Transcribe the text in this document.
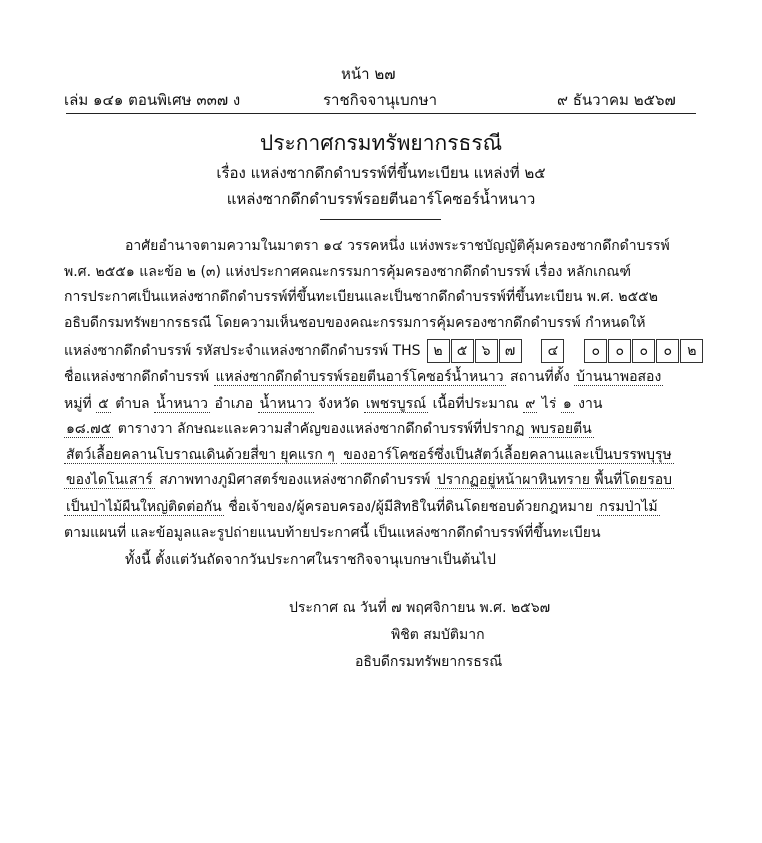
หน้า ๒๗
เล่ม ๑๔๑ ตอนพิเศษ ๓๓๗ ง	ราชกิจจานุเบกษา	๙ ธันวาคม ๒๕๖๗
ประกาศกรมทรัพยากรธรณี
เรื่อง แหล่งซากดึกดำบรรพ์ที่ขึ้นทะเบียน แหล่งที่ ๒๕
แหล่งซากดึกดำบรรพ์รอยตีนอาร์โคซอร์น้ำหนาว
อาศัยอำนาจตามความในมาตรา ๑๔ วรรคหนึ่ง แห่งพระราชบัญญัติคุ้มครองซากดึกดำบรรพ์
พ.ศ. ๒๕๕๑ และข้อ ๒ (๓) แห่งประกาศคณะกรรมการคุ้มครองซากดึกดำบรรพ์ เรื่อง หลักเกณฑ์
การประกาศเป็นแหล่งซากดึกดำบรรพ์ที่ขึ้นทะเบียนและเป็นซากดึกดำบรรพ์ที่ขึ้นทะเบียน พ.ศ. ๒๕๕๒
อธิบดีกรมทรัพยากรธรณี โดยความเห็นชอบของคณะกรรมการคุ้มครองซากดึกดำบรรพ์ กำหนดให้
แหล่งซากดึกดำบรรพ์ รหัสประจำแหล่งซากดึกดำบรรพ์ THS ๒ ๕ ๖ ๗ ๔ ๐ ๐ ๐ ๐ ๒
ชื่อแหล่งซากดึกดำบรรพ์ แหล่งซากดึกดำบรรพ์รอยตีนอาร์โคซอร์น้ำหนาว สถานที่ตั้ง บ้านนาพอสอง
หมู่ที่ ๕ ตำบล น้ำหนาว อำเภอ น้ำหนาว จังหวัด เพชรบูรณ์ เนื้อที่ประมาณ ๙ ไร่ ๑ งาน
๑๘.๗๕ ตารางวา ลักษณะและความสำคัญของแหล่งซากดึกดำบรรพ์ที่ปรากฏ พบรอยตีน
สัตว์เลื้อยคลานโบราณเดินด้วยสี่ขา ยุคแรก ๆ ของอาร์โคซอร์ซึ่งเป็นสัตว์เลื้อยคลานและเป็นบรรพบุรุษ
ของไดโนเสาร์ สภาพทางภูมิศาสตร์ของแหล่งซากดึกดำบรรพ์ ปรากฏอยู่หน้าผาหินทราย พื้นที่โดยรอบ
เป็นป่าไม้ผืนใหญ่ติดต่อกัน ชื่อเจ้าของ/ผู้ครอบครอง/ผู้มีสิทธิในที่ดินโดยชอบด้วยกฎหมาย กรมป่าไม้
ตามแผนที่ และข้อมูลและรูปถ่ายแนบท้ายประกาศนี้ เป็นแหล่งซากดึกดำบรรพ์ที่ขึ้นทะเบียน
ทั้งนี้ ตั้งแต่วันถัดจากวันประกาศในราชกิจจานุเบกษาเป็นต้นไป
ประกาศ ณ วันที่ ๗ พฤศจิกายน พ.ศ. ๒๕๖๗
พิชิต สมบัติมาก
อธิบดีกรมทรัพยากรธรณี
